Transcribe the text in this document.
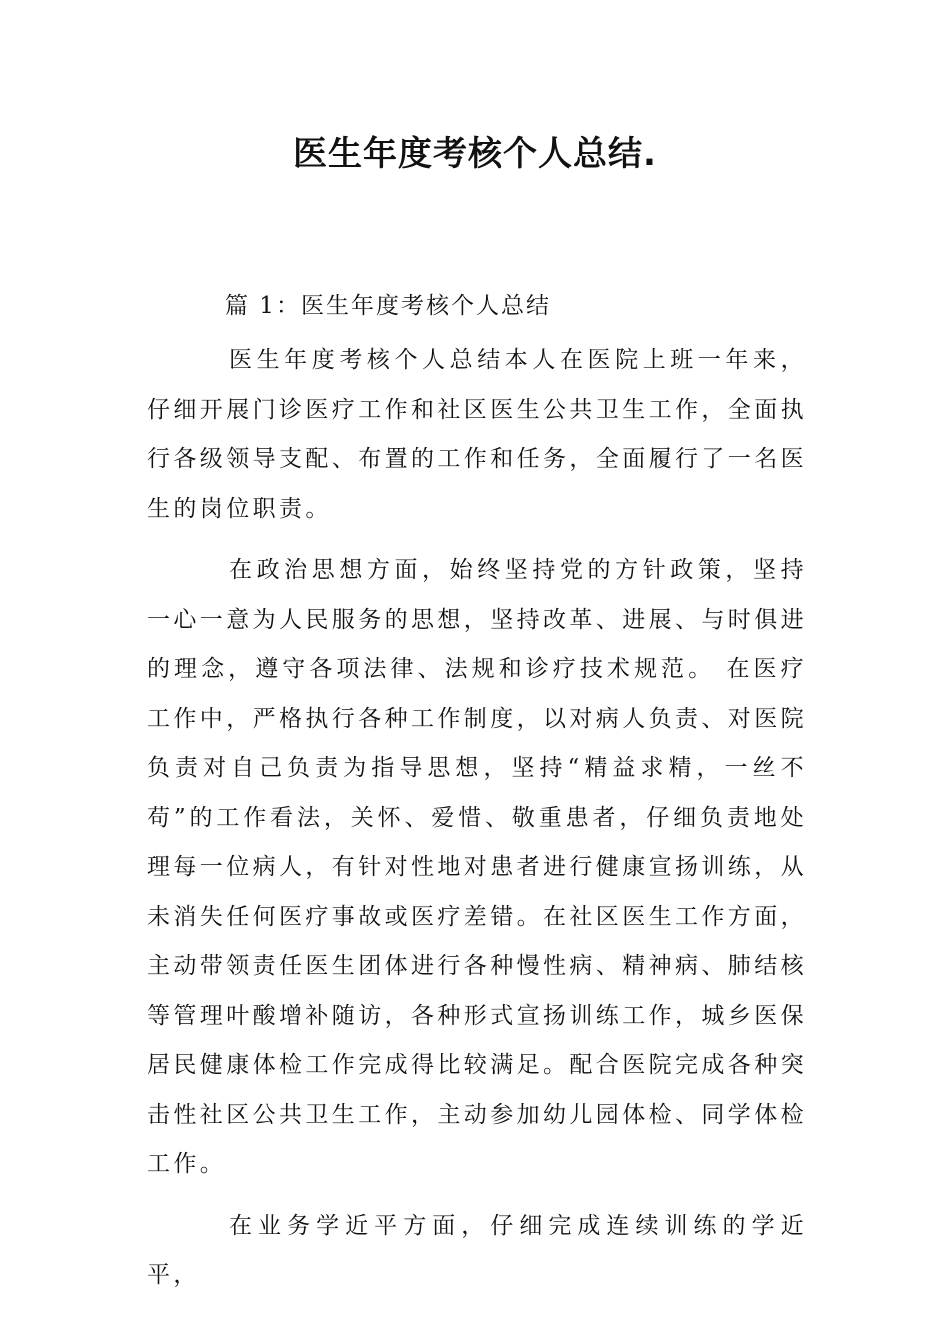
医生年度考核个人总结.

篇 1：医生年度考核个人总结

医生年度考核个人总结本人在医院上班一年来，仔细开展门诊医疗工作和社区医生公共卫生工作，全面执行各级领导支配、布置的工作和任务，全面履行了一名医生的岗位职责。

在政治思想方面，始终坚持党的方针政策，坚持一心一意为人民服务的思想，坚持改革、进展、与时俱进的理念，遵守各项法律、法规和诊疗技术规范。 在医疗工作中，严格执行各种工作制度，以对病人负责、对医院负责对自己负责为指导思想，坚持“精益求精，一丝不苟”的工作看法，关怀、爱惜、敬重患者，仔细负责地处理每一位病人，有针对性地对患者进行健康宣扬训练，从未消失任何医疗事故或医疗差错。在社区医生工作方面，主动带领责任医生团体进行各种慢性病、精神病、肺结核等管理叶酸增补随访，各种形式宣扬训练工作，城乡医保居民健康体检工作完成得比较满足。配合医院完成各种突击性社区公共卫生工作，主动参加幼儿园体检、同学体检工作。

在业务学近平方面，仔细完成连续训练的学近平，
